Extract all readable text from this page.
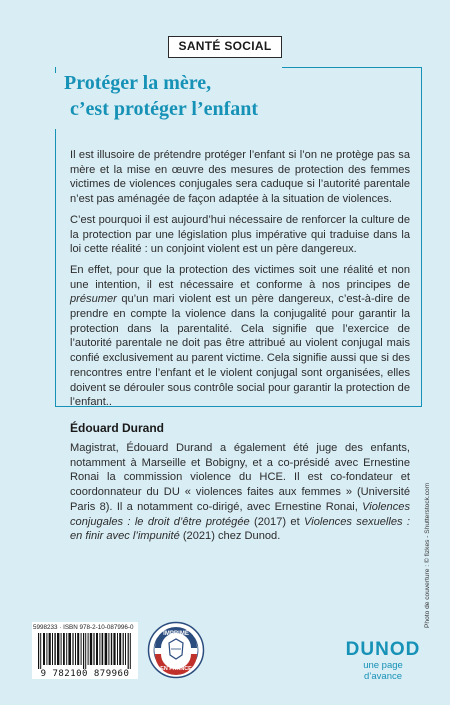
SANTÉ SOCIAL
Protéger la mère,
c’est protéger l’enfant

Il est illusoire de prétendre protéger l’enfant si l’on ne protège pas sa mère et la mise en œuvre des mesures de protection des femmes victimes de violences conjugales sera caduque si l’autorité parentale n’est pas aménagée de façon adaptée à la situation de violences.

C’est pourquoi il est aujourd’hui nécessaire de renforcer la culture de la protection par une législation plus impérative qui traduise dans la loi cette réalité : un conjoint violent est un père dangereux.

En effet, pour que la protection des victimes soit une réalité et non une intention, il est nécessaire et conforme à nos principes de présumer qu’un mari violent est un père dangereux, c’est-à-dire de prendre en compte la violence dans la conjugalité pour garantir la protection dans la parentalité. Cela signifie que l’exercice de l’autorité parentale ne doit pas être attribué au violent conjugal mais confié exclusivement au parent victime. Cela signifie aussi que si des rencontres entre l’enfant et le violent conjugal sont organisées, elles doivent se dérouler sous contrôle social pour garantir la protection de l’enfant..

Édouard Durand

Magistrat, Édouard Durand a également été juge des enfants, notamment à Marseille et Bobigny, et a co-présidé avec Ernestine Ronai la commission violence du HCE. Il est co-fondateur et coordonnateur du DU « violences faites aux femmes » (Université Paris 8). Il a notamment co-dirigé, avec Ernestine Ronai, Violences conjugales : le droit d’être protégée (2017) et Violences sexuelles : en finir avec l’impunité (2021) chez Dunod.	Photo de couverture : © fizkes - Shutterstock.com
5998233 · ISBN 978-2-10-087996-0
9 782100 879960
IMPRIMÉ
EN FRANCE
DUNOD
une page d’avance
